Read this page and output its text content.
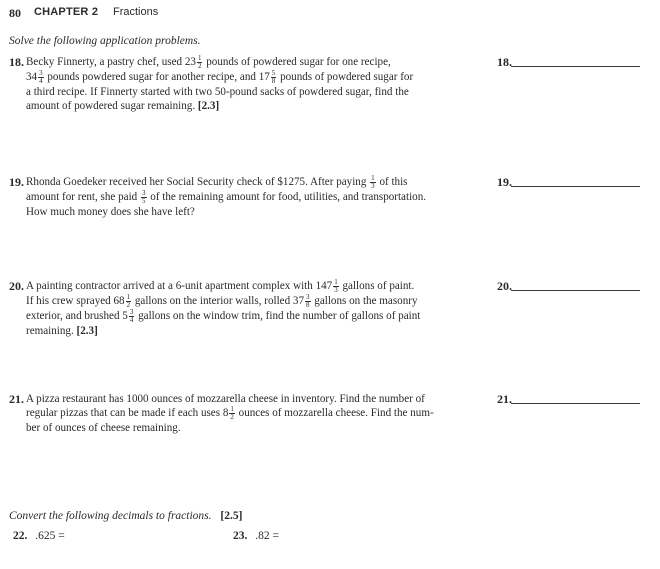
80 CHAPTER 2 Fractions
Solve the following application problems.
18. Becky Finnerty, a pastry chef, used $23 \frac{1}{2}$ pounds of powdered sugar for one recipe,

$34 \frac{3}{4}$ pounds powdered sugar for another recipe, and $17 \frac{5}{8}$ pounds of powdered sugar for

a third recipe. If Finnerty started with two 50-pound sacks of powdered sugar, find the

amount of powdered sugar remaining. [2.3]

18.
19. Rhonda Goedeker received her Social Security check of $1275. After paying $\frac{1}{3}$ of this

amount for rent, she paid $\frac{3}{5}$ of the remaining amount for food, utilities, and transportation.

How much money does she have left?

19.
20. A painting contractor arrived at a 6-unit apartment complex with $147 \frac{1}{3}$ gallons of paint.

If his crew sprayed $68 \frac{1}{2}$ gallons on the interior walls, rolled $37 \frac{3}{8}$ gallons on the masonry

exterior, and brushed $5 \frac{3}{4}$ gallons on the window trim, find the number of gallons of paint

remaining. [2.3]

20.
21. A pizza restaurant has 1000 ounces of mozzarella cheese in inventory. Find the number of

regular pizzas that can be made if each uses $8 \frac{1}{2}$ ounces of mozzarella cheese. Find the num-

ber of ounces of cheese remaining.

21.
Convert the following decimals to fractions. [2.5]
22. .625 =	23. .82 =
